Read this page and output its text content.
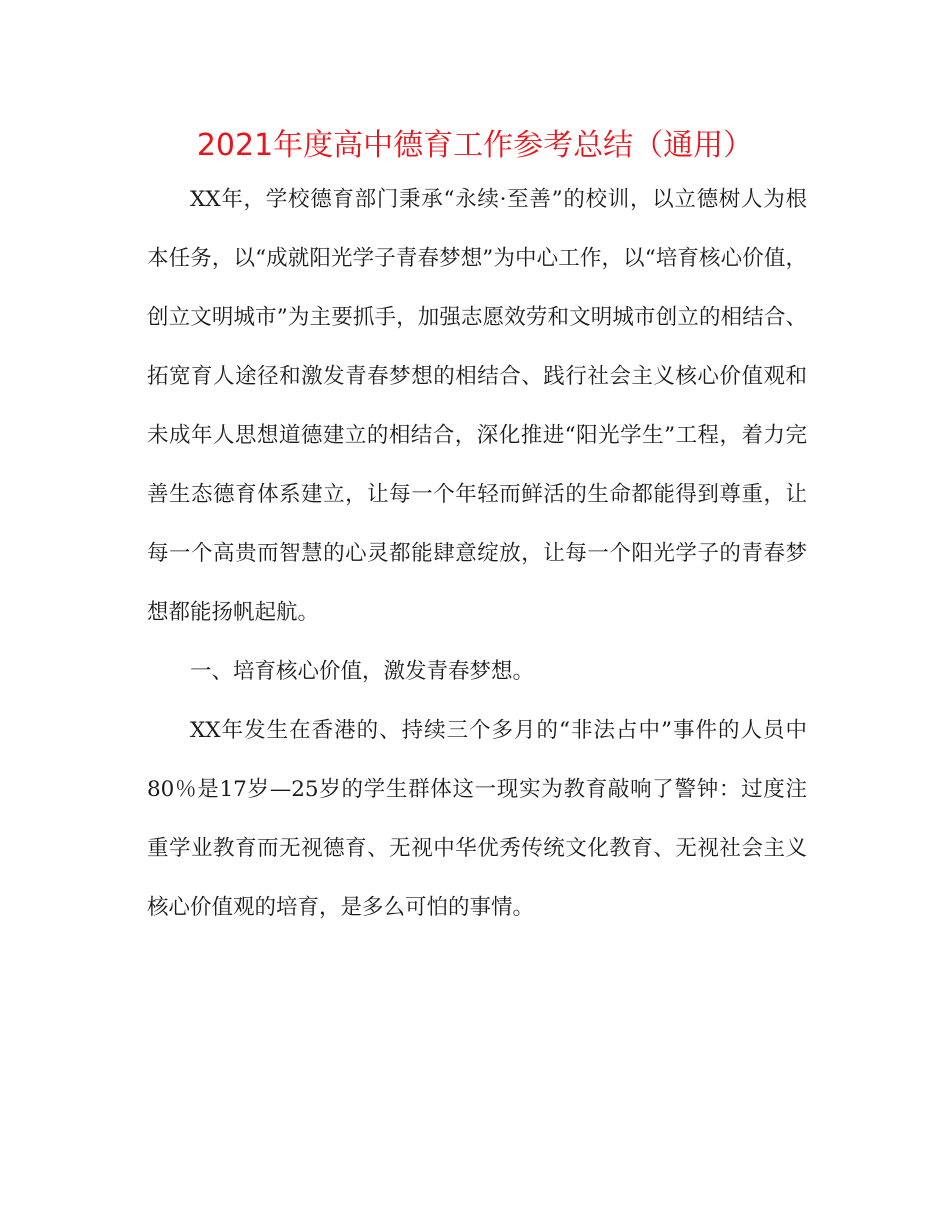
2021年度高中德育工作参考总结（通用）

XX年，学校德育部门秉承“永续·至善”的校训，以立德树人为根本任务，以“成就阳光学子青春梦想”为中心工作，以“培育核心价值，创立文明城市”为主要抓手，加强志愿效劳和文明城市创立的相结合、拓宽育人途径和激发青春梦想的相结合、践行社会主义核心价值观和未成年人思想道德建立的相结合，深化推进“阳光学生”工程，着力完善生态德育体系建立，让每一个年轻而鲜活的生命都能得到尊重，让每一个高贵而智慧的心灵都能肆意绽放，让每一个阳光学子的青春梦想都能扬帆起航。

一、培育核心价值，激发青春梦想。

XX年发生在香港的、持续三个多月的“非法占中”事件的人员中80％是17岁—25岁的学生群体这一现实为教育敲响了警钟：过度注重学业教育而无视德育、无视中华优秀传统文化教育、无视社会主义核心价值观的培育，是多么可怕的事情。
